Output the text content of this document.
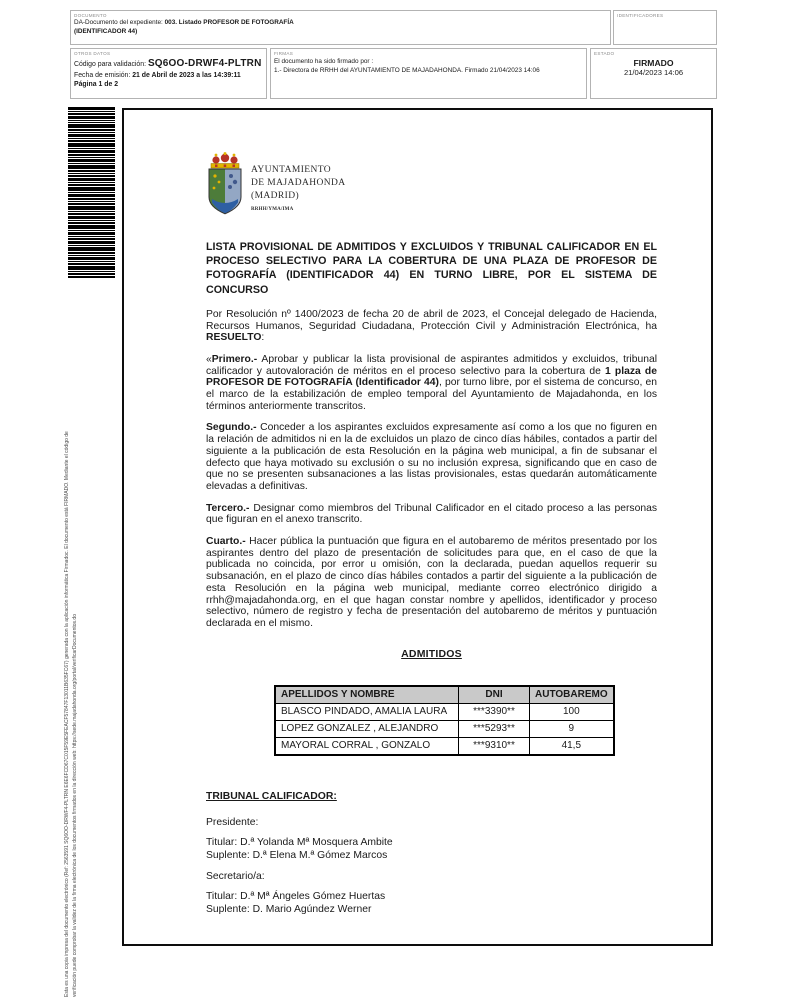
DOCUMENTO
DA-Documento del expediente: 003. Listado PROFESOR DE FOTOGRAFÍA (IDENTIFICADOR 44)
IDENTIFICADORES
OTROS DATOS
Código para validación: SQ6OO-DRWF4-PLTRN
Fecha de emisión: 21 de Abril de 2023 a las 14:39:11
Página 1 de 2
FIRMAS
El documento ha sido firmado por :
1.- Directora de RRHH del AYUNTAMIENTO DE MAJADAHONDA. Firmado 21/04/2023 14:06
ESTADO
FIRMADO
21/04/2023 14:06
Esta es una copia impresa del documento electrónico (Ref: 2563591 SQ6OO-DRWF4-PLTRN E6E6FCD67C015F59E5FEACF57847F13011B635FC67) generada con la aplicación informática Firmadoc. El documento está FIRMADO. Mediante el código de verificación puede comprobar la validez de la firma electrónica de los documentos firmados en la dirección web: https://sede.majadahonda.org/portal/verificarDocumentos.do
AYUNTAMIENTO
DE MAJADAHONDA
(MADRID)
RRHH/YMA/IMA

LISTA PROVISIONAL DE ADMITIDOS Y EXCLUIDOS Y TRIBUNAL CALIFICADOR EN EL PROCESO SELECTIVO PARA LA COBERTURA DE UNA PLAZA DE PROFESOR DE FOTOGRAFÍA (IDENTIFICADOR 44) EN TURNO LIBRE, POR EL SISTEMA DE CONCURSO

Por Resolución nº 1400/2023 de fecha 20 de abril de 2023, el Concejal delegado de Hacienda, Recursos Humanos, Seguridad Ciudadana, Protección Civil y Administración Electrónica, ha RESUELTO:

«Primero.- Aprobar y publicar la lista provisional de aspirantes admitidos y excluidos, tribunal calificador y autovaloración de méritos en el proceso selectivo para la cobertura de 1 plaza de PROFESOR DE FOTOGRAFÍA (Identificador 44), por turno libre, por el sistema de concurso, en el marco de la estabilización de empleo temporal del Ayuntamiento de Majadahonda, en los términos anteriormente transcritos.

Segundo.- Conceder a los aspirantes excluidos expresamente así como a los que no figuren en la relación de admitidos ni en la de excluidos un plazo de cinco días hábiles, contados a partir del siguiente a la publicación de esta Resolución en la página web municipal, a fin de subsanar el defecto que haya motivado su exclusión o su no inclusión expresa, significando que en caso de que no se presenten subsanaciones a las listas provisionales, estas quedarán automáticamente elevadas a definitivas.

Tercero.- Designar como miembros del Tribunal Calificador en el citado proceso a las personas que figuran en el anexo transcrito.

Cuarto.- Hacer pública la puntuación que figura en el autobaremo de méritos presentado por los aspirantes dentro del plazo de presentación de solicitudes para que, en el caso de que la publicada no coincida, por error u omisión, con la declarada, puedan aquellos requerir su subsanación, en el plazo de cinco días hábiles contados a partir del siguiente a la publicación de esta Resolución en la página web municipal, mediante correo electrónico dirigido a rrhh@majadahonda.org, en el que hagan constar nombre y apellidos, identificador y proceso selectivo, número de registro y fecha de presentación del autobaremo de méritos y puntuación declarada en el mismo.

ADMITIDOS
APELLIDOS Y NOMBRE	DNI	AUTOBAREMO
BLASCO PINDADO, AMALIA LAURA	***3390**	100
LOPEZ GONZALEZ , ALEJANDRO	***5293**	9
MAYORAL CORRAL , GONZALO	***9310**	41,5
TRIBUNAL CALIFICADOR:

Presidente:

Titular: D.ª Yolanda Mª Mosquera Ambite
Suplente: D.ª Elena M.ª Gómez Marcos

Secretario/a:

Titular: D.ª Mª Ángeles Gómez Huertas
Suplente: D. Mario Agúndez Werner
